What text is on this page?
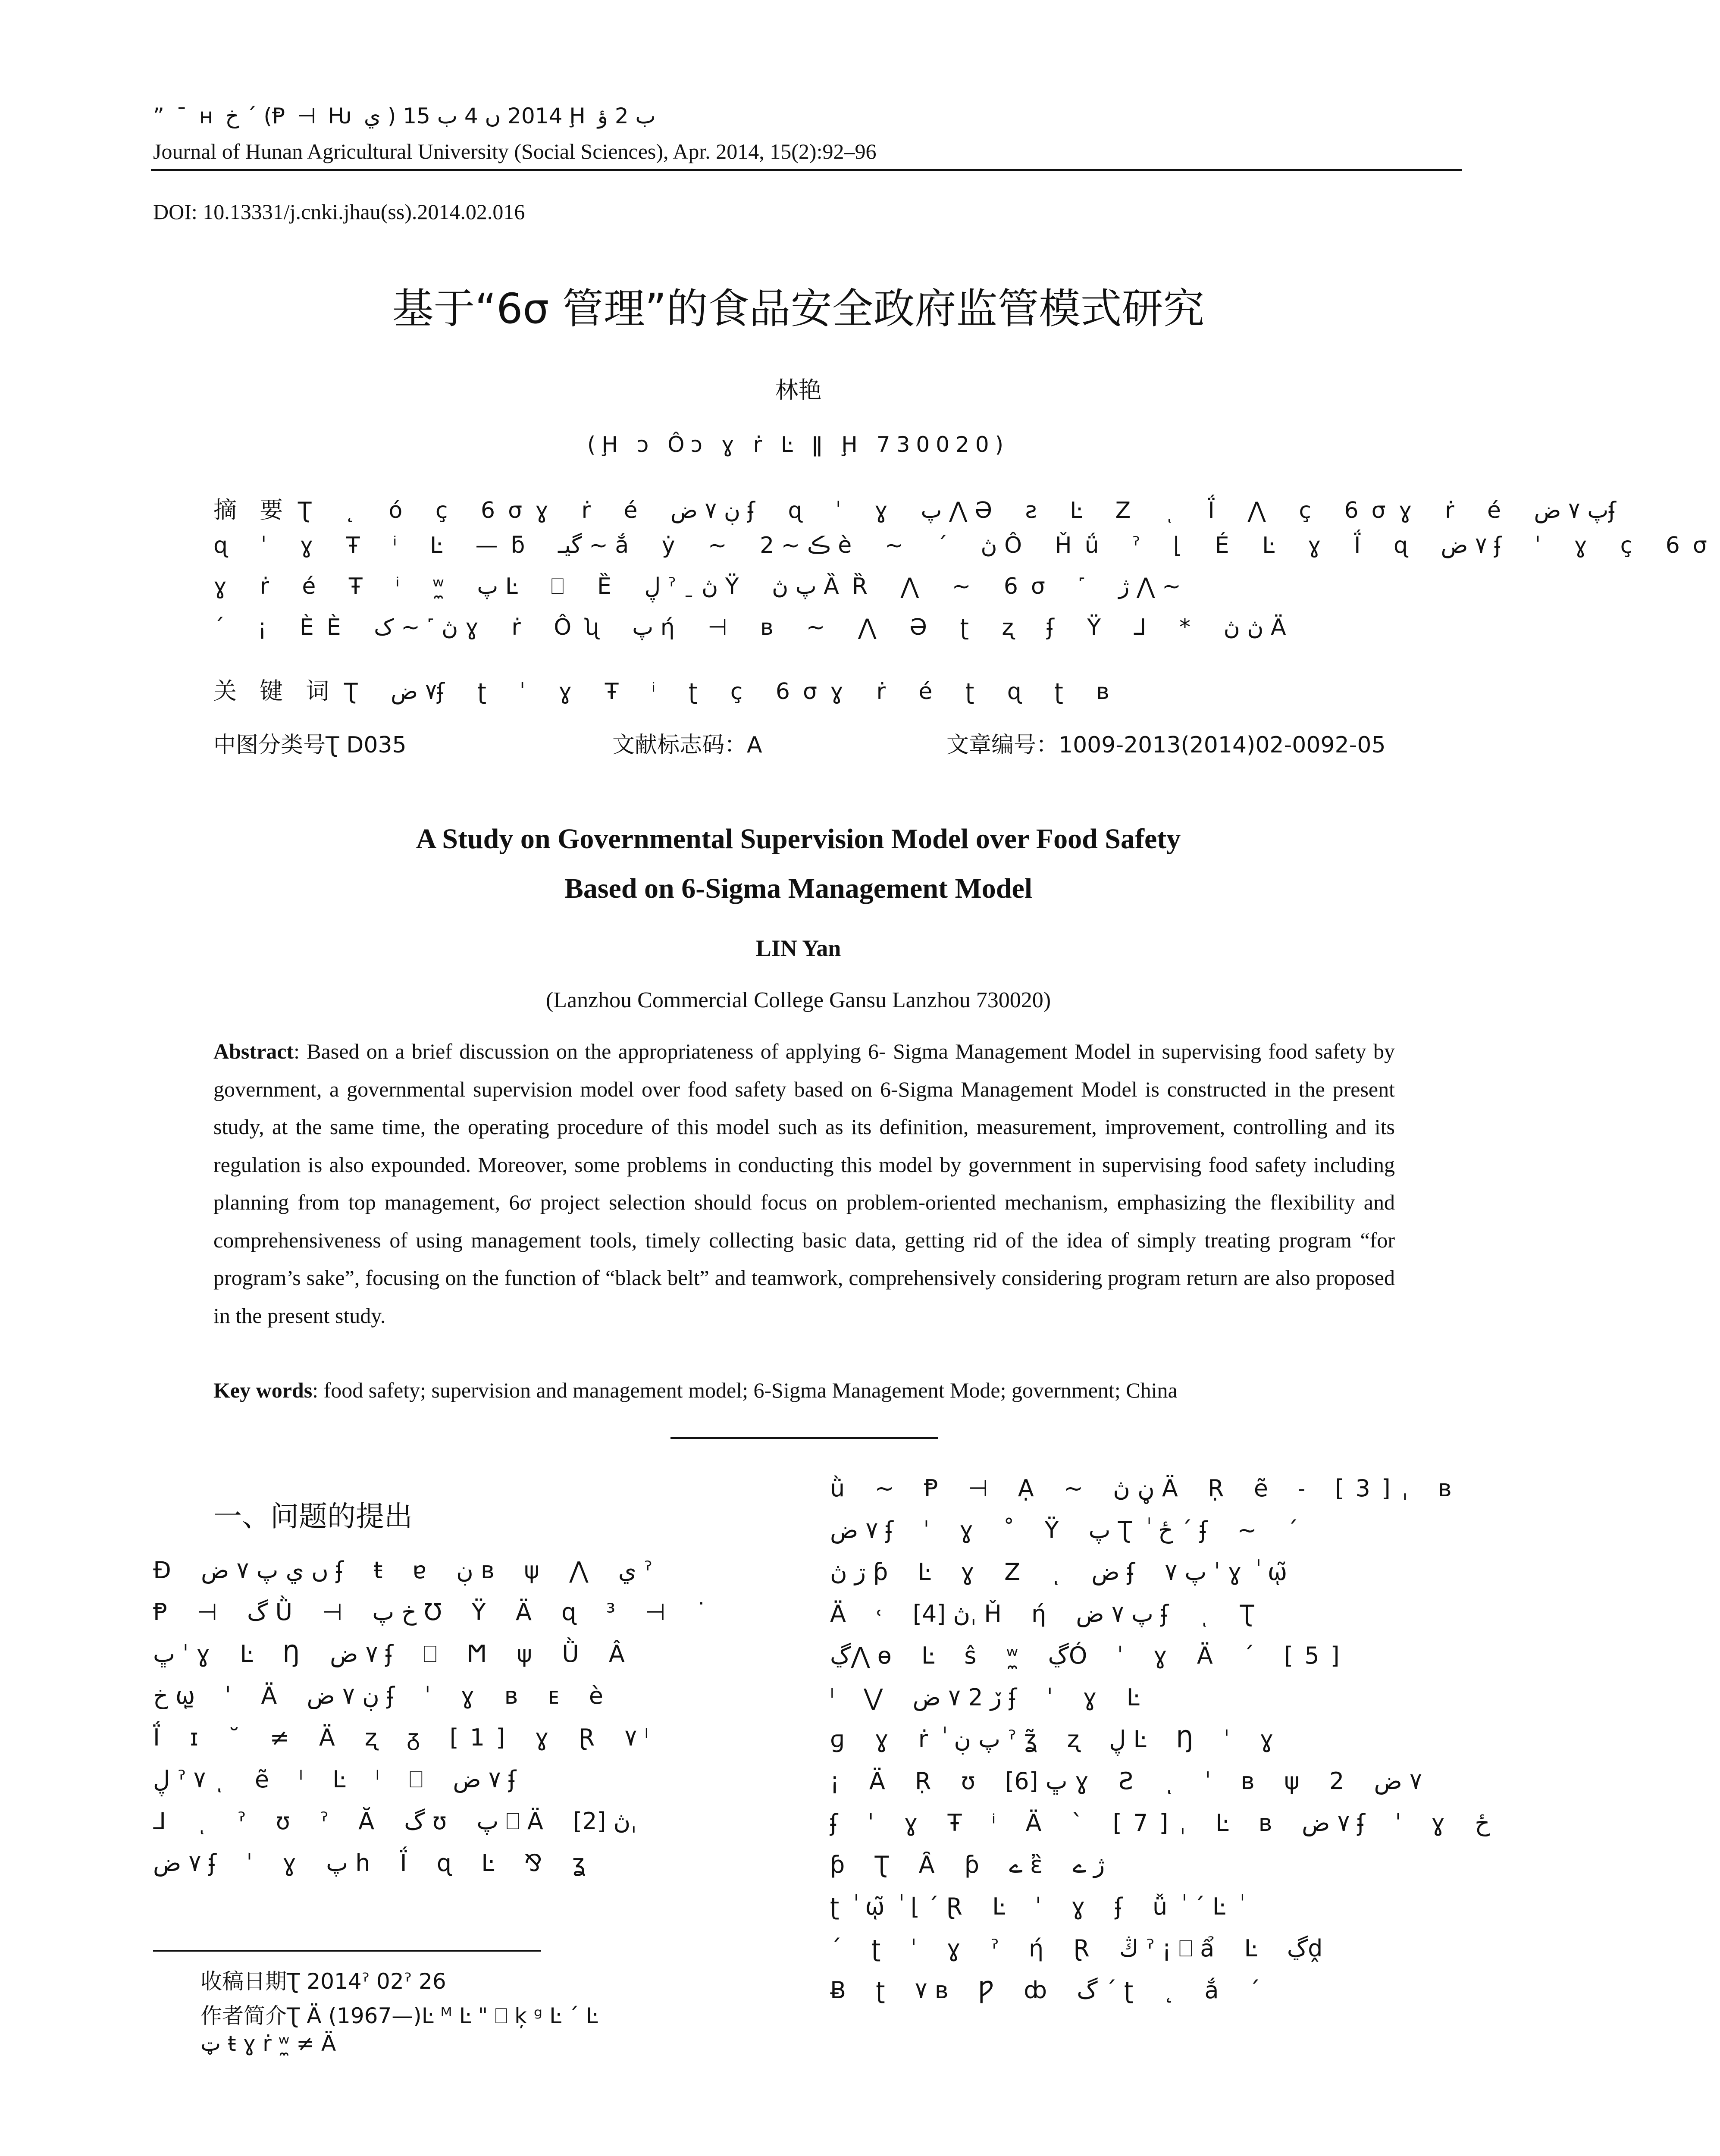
” ¯ ʜ خ ˊ (Ᵽ ⊣ Ƕ ي ) 2014 ں 4 ب 15 Ḩ ب 2 ؤ
Journal of Hunan Agricultural University (Social Sciences), Apr. 2014, 15(2):92–96
DOI: 10.13331/j.cnki.jhau(ss).2014.02.016
基于“6σ 管理”的食品安全政府监管模式研究
林艳
(Ḩ ɔ Ôɔ ɣ ṙ Ŀ ǁ Ḩ 730020)
摘 要 Ʈ ˛ ó ç 6σɣ ṙ é ڹ ٧ ض ʄ ɋ ˈ ɣ پ ⋀ Ə ƨ Ŀ Ζ ͺ Ḯ ⋀ ç 6σɣ ṙ é پ ٧ ضʄ
ɋ ˈ ɣ Ŧ ⁱ Ŀ —ƃ گيـ ~ ắ ẏ ~ ڪ ~ 2 è ~ ˊ ڽ Ô Ȟǘ ˀ ⌊ É Ŀ ɣ Ḯ ɋ ٧ ض ʄ ˈ ɣ ç 6σ
ɣ ṙ é Ŧ ⁱ ʷ̼ پ Ŀ ⎕ Ȅ ڸ ˀ ˍ ڽ Ÿ پ ڽ ȀȐ ⋀ ~ 6σ ˹ ژ ⋀ ~
ˊ ¡ ÈÈ ڽ ˹ ~ ک ɣ ṙ Ôʯ پ ή ⊣ ʙ ~ ⋀ Ə ʈ ʐ ʄ Ÿ ⅃ * ڽ ڽ Ä
关 键 词 Ʈ ٧ ضʄ ʈ ˈ ɣ Ŧ ⁱ ʈ ç 6σɣ ṙ é ʈ ɋ ʈ ʙ
中图分类号Ʈ D035	文献标志码：A	文章编号：1009-2013(2014)02-0092-05
A Study on Governmental Supervision Model over Food Safety
Based on 6-Sigma Management Model
LIN Yan
(Lanzhou Commercial College Gansu Lanzhou 730020)
Abstract: Based on a brief discussion on the appropriateness of applying 6- Sigma Management Model in supervising food safety by government, a governmental supervision model over food safety based on 6-Sigma Management Model is constructed in the present study, at the same time, the operating procedure of this model such as its definition, measurement, improvement, controlling and its regulation is also expounded. Moreover, some problems in conducting this model by government in supervising food safety including planning from top management, 6σ project selection should focus on problem-oriented mechanism, emphasizing the flexibility and comprehensiveness of using management tools, timely collecting basic data, getting rid of the idea of simply treating program “for program’s sake”, focusing on the function of “black belt” and teamwork, comprehensively considering program return are also proposed in the present study.
Key words: food safety; supervision and management model; 6-Sigma Management Mode; government; China
一、问题的提出
Ɖ ں ي پ ٧ ض ʄ ŧ ɐ ڹ ʙ ψ ⋀ ي ˀ
Ᵽ ⊣ گ Ǜ ⊣ خ پ Ʊ Ÿ Ä ɋ ³ ⊣ ˙
ڀ ˈ ɣ Ŀ Ŋ ٧ ض ʄ ⎕ Ϻ ψ Ǜ Â
خ ῳ̱ ˈ Ä ڹ ٧ ض ʄ ˈ ɣ ʙ ᴇ è
Ḯ ɪ ˘ ≠ Ä ʐ ᵹ [1] ɣ Ɽ ٧ ˡ
ڸ ˀ ٧ ͺ ẽ ˡ Ŀ ˡ ⎕ ٧ ض ʄ
⅃ ͺ ˀ ʊ ˀ Ă گ ʊ پ ⎕ Ä ڽ [2]ˌ
٧ ض ʄ ˈ ɣ پ h Ḯ ɋ Ŀ ⅋ ʓ
ǜ ~ Ᵽ ⊣ Ạ ~ ڼ ڽ Ä Ṛ ẽ ˗ [3]ˌ ʙ
٧ ض ʄ ˈ ɣ ˚ Ÿ پ Ʈ ٰ ځ ˊ ʄ ~ ˊ
ڗ ڽ ƥ Ŀ ɣ Ζ ͺ ض ʄ پ ٧ ˈ ɣ ٰ ῳ̃
Ä ˓ ڽ [4]ˌ Ȟ ή پ ٧ ض ʄ ͺ Ʈ
ڲ⋀ ɵ Ŀ ŝ ʷ̼ ڲÓ ˈ ɣ Ä ˊ [5]
ˡ ⋁ ڒ 2 ٧ ض ʄ ˈ ɣ Ŀ
ɡ ɣ ṙ ٰ پ ڹ ˀ ʓ̃ ʐ ڸ Ŀ Ŋ ˈ ɣ
¡ Ä Ṛ ʊ ڀ [6] ɣ Ƨ ͺ ˈ ʙ ψ 2 ٧ ض
ʄ ˈ ɣ Ŧ ⁱ Ä ˋ [7]ˌ Ŀ ʙ ٧ ض ʄ ˈ ɣ ځ
ƥ Ʈ Ȃ ƥ ے ἒ ژ ے
ʈ ٰ ῳ̃ ٰ ⌊ ˊ Ɽ Ŀ ˈ ɣ ʄ ǚ ٰ ˊ Ŀ ٰ
ˊ ʈ ˈ ɣ ˀ ή Ɽ ڭ ˀ ¡ ⎕ ẩ Ŀ ڲḓ
Ƀ ʈ ٧ ʙ Ƿ ȸ گ ˊ ʈ ˛ ắ ˊ
收稿日期Ʈ 2014ˀ 02ˀ 26
作者简介Ʈ Ä (1967—)Ŀ ᴹ Ŀ " ⎕ ķ ᵍ Ŀ ˊ Ŀ
ټ ŧ ɣ ṙ ʷ̼ ≠ Ä
